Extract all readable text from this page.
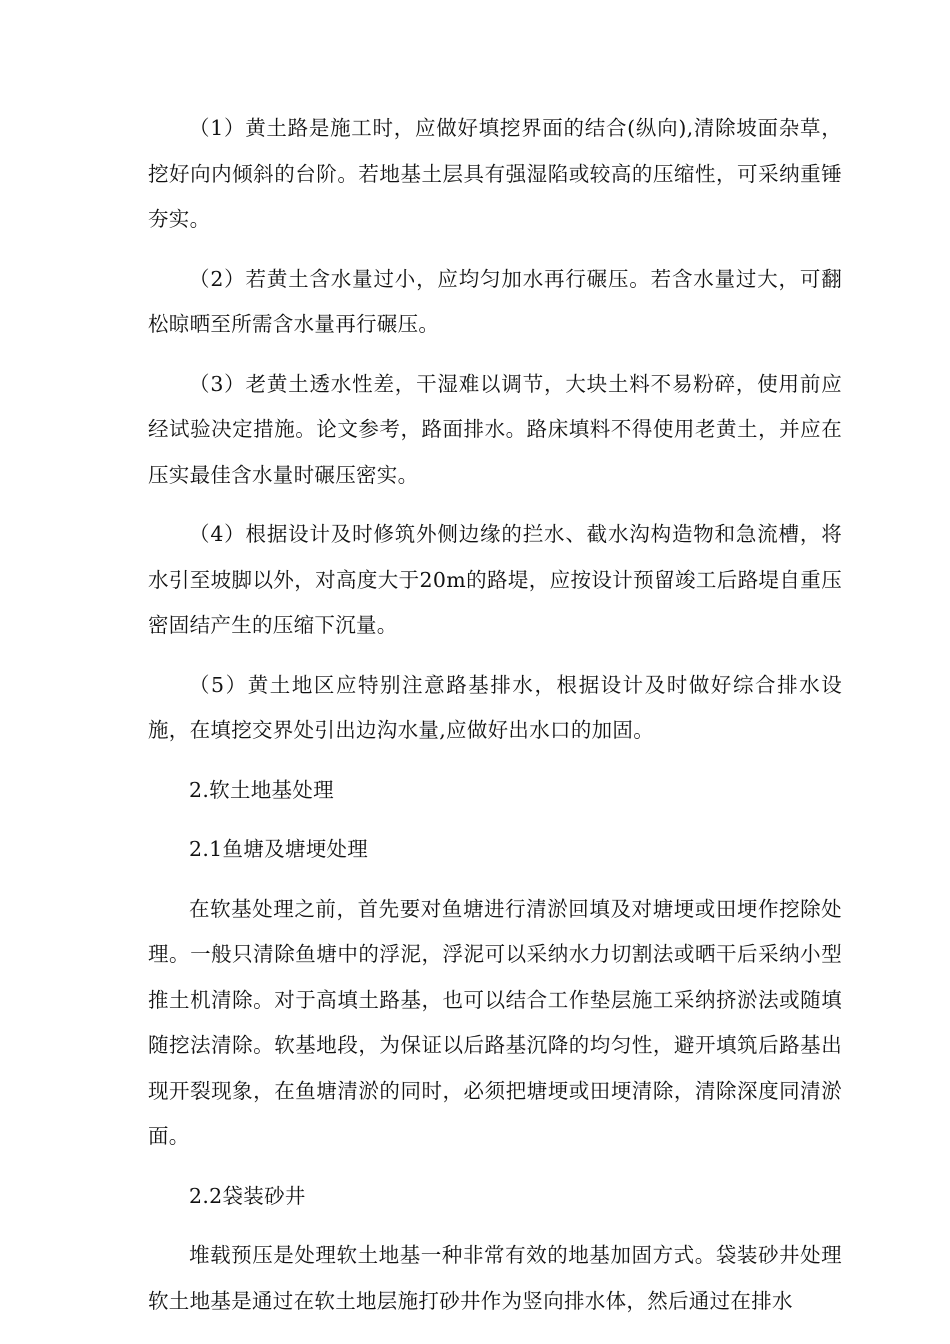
（1）黄土路是施工时，应做好填挖界面的结合(纵向),清除坡面杂草，挖好向内倾斜的台阶。若地基土层具有强湿陷或较高的压缩性，可采纳重锤夯实。

（2）若黄土含水量过小，应均匀加水再行碾压。若含水量过大，可翻松晾晒至所需含水量再行碾压。

（3）老黄土透水性差，干湿难以调节，大块土料不易粉碎，使用前应经试验决定措施。论文参考，路面排水。路床填料不得使用老黄土，并应在压实最佳含水量时碾压密实。

（4）根据设计及时修筑外侧边缘的拦水、截水沟构造物和急流槽，将水引至坡脚以外，对高度大于20m的路堤，应按设计预留竣工后路堤自重压密固结产生的压缩下沉量。

（5）黄土地区应特别注意路基排水，根据设计及时做好综合排水设施，在填挖交界处引出边沟水量,应做好出水口的加固。

2.软土地基处理

2.1鱼塘及塘埂处理

在软基处理之前，首先要对鱼塘进行清淤回填及对塘埂或田埂作挖除处理。一般只清除鱼塘中的浮泥，浮泥可以采纳水力切割法或晒干后采纳小型推土机清除。对于高填土路基，也可以结合工作垫层施工采纳挤淤法或随填随挖法清除。软基地段，为保证以后路基沉降的均匀性，避开填筑后路基出现开裂现象，在鱼塘清淤的同时，必须把塘埂或田埂清除，清除深度同清淤面。

2.2袋装砂井

堆载预压是处理软土地基一种非常有效的地基加固方式。袋装砂井处理软土地基是通过在软土地层施打砂井作为竖向排水体，然后通过在排水
